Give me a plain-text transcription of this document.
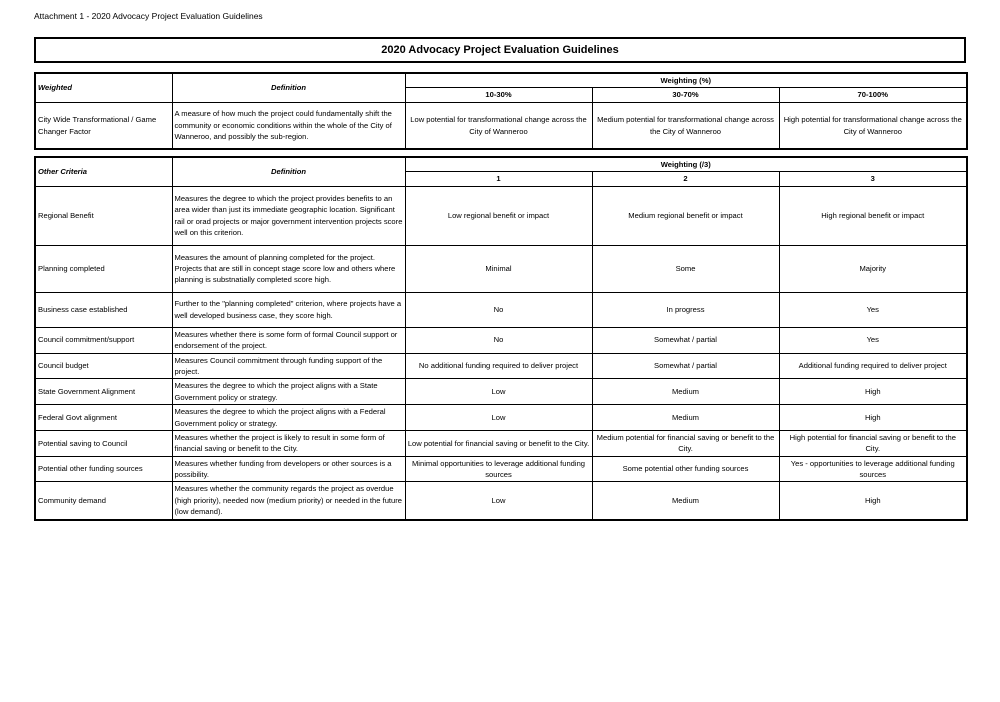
Attachment 1 - 2020 Advocacy Project Evaluation Guidelines
2020 Advocacy Project Evaluation Guidelines
Weighted	Definition	Weighting (%)		
		10-30%	30-70%	70-100%
City Wide Transformational / Game Changer Factor	A measure of how much the project could fundamentally shift the community or economic conditions within the whole of the City of Wanneroo, and possibly the sub-region.	Low potential for transformational change across the City of Wanneroo	Medium potential for transformational change across the City of Wanneroo	High potential for transformational change across the City of Wanneroo
Other Criteria	Definition	Weighting (/3)		
		1	2	3
Regional Benefit	Measures the degree to which the project provides benefits to an area wider than just its immediate geographic location. Significant rail or orad projects or major government intervention projects score well on this criterion.	Low regional benefit or impact	Medium regional benefit or impact	High regional benefit or impact
Planning completed	Measures the amount of planning completed for the project. Projects that are still in concept stage score low and others where planning is substnatially completed score high.	Minimal	Some	Majority
Business case established	Further to the "planning completed" criterion, where projects have a well developed business case, they score high.	No	In progress	Yes
Council commitment/support	Measures whether there is some form of formal Council support or endorsement of the project.	No	Somewhat / partial	Yes
Council budget	Measures Council commitment through funding support of the project.	No additional funding required to deliver project	Somewhat / partial	Additional funding required to deliver project
State Government Alignment	Measures the degree to which the project aligns with a State Government policy or strategy.	Low	Medium	High
Federal Govt alignment	Measures the degree to which the project aligns with a Federal Government policy or strategy.	Low	Medium	High
Potential saving to Council	Measures whether the project is likely to result in some form of financial saving or benefit to the City.	Low potential for financial saving or benefit to the City.	Medium potential for financial saving or benefit to the City.	High potential for financial saving or benefit to the City.
Potential other funding sources	Measures whether funding from developers or other sources is a possibility.	Minimal opportunities to leverage additional funding sources	Some potential other funding sources	Yes - opportunities to leverage additional funding sources
Community demand	Measures whether the community regards the project as overdue (high priority), needed now (medium priority) or needed in the future (low demand).	Low	Medium	High
